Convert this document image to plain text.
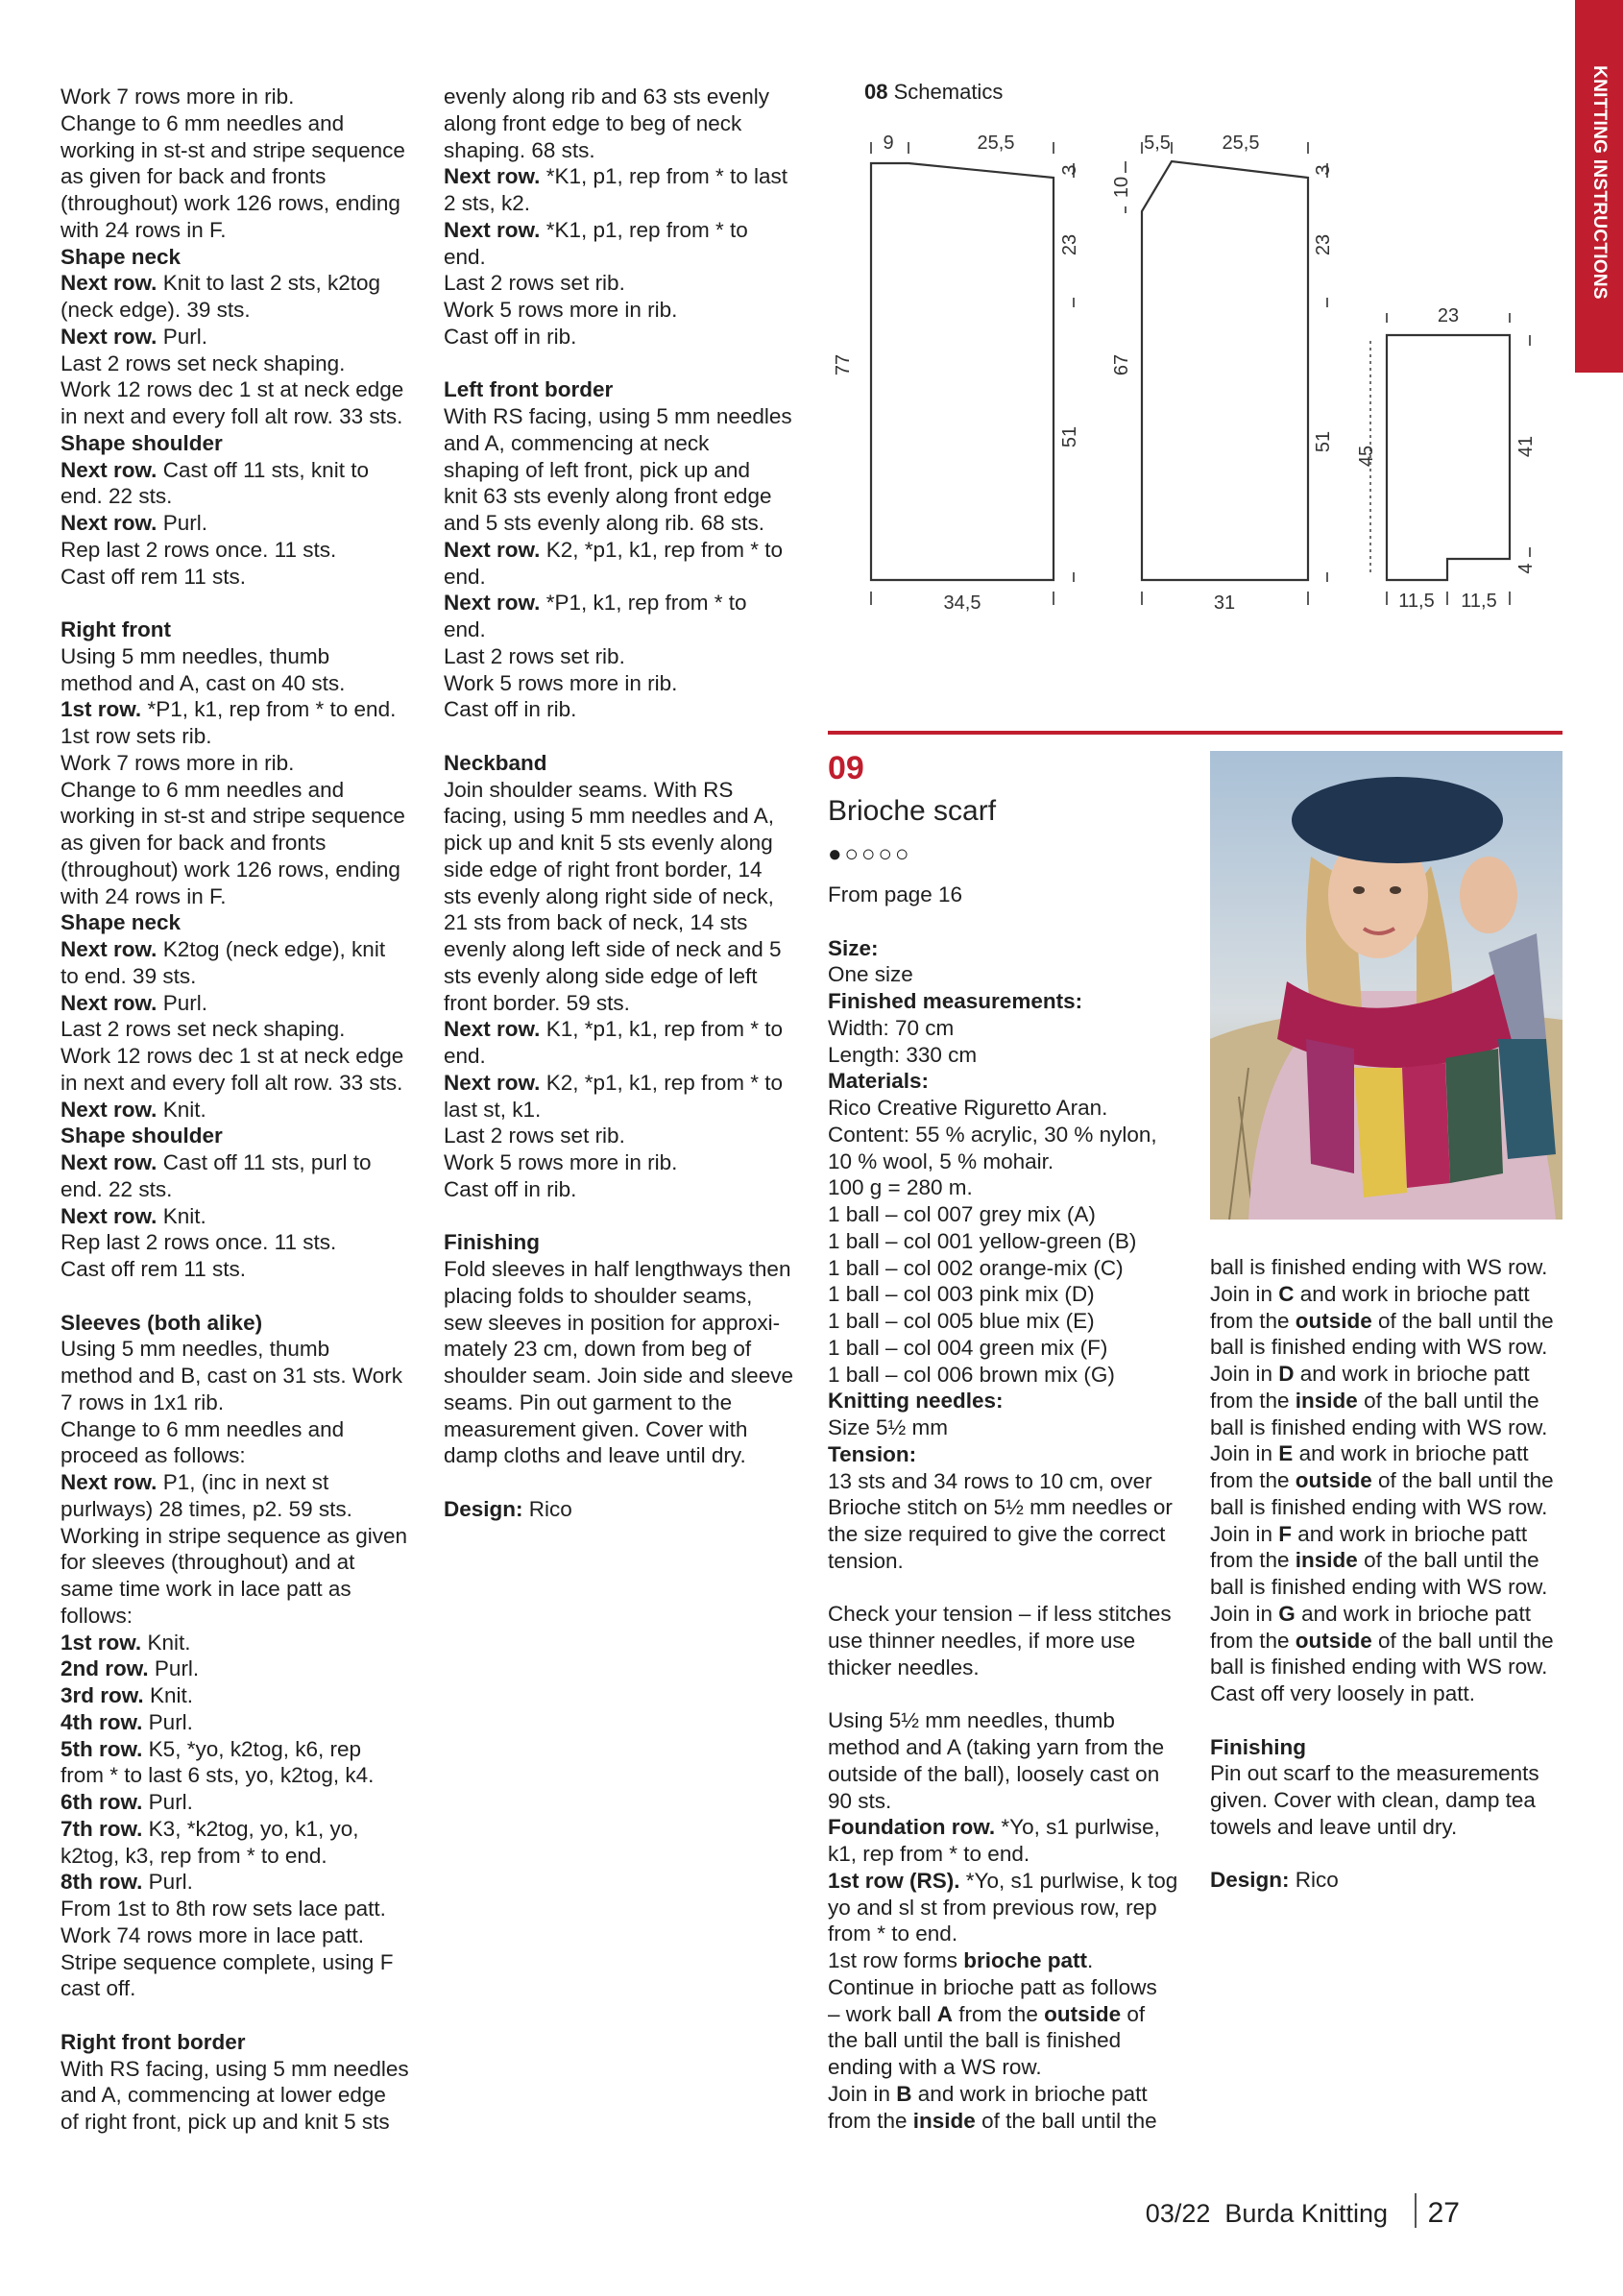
KNITTING INSTRUCTIONS
Work 7 rows more in rib.
Change to 6 mm needles and
working in st-st and stripe sequence
as given for back and fronts
(throughout) work 126 rows, ending
with 24 rows in F.
Shape neck
Next row. Knit to last 2 sts, k2tog
(neck edge). 39 sts.
Next row. Purl.
Last 2 rows set neck shaping.
Work 12 rows dec 1 st at neck edge
in next and every foll alt row. 33 sts.
Shape shoulder
Next row. Cast off 11 sts, knit to
end. 22 sts.
Next row. Purl.
Rep last 2 rows once. 11 sts.
Cast off rem 11 sts.
Right front
Using 5 mm needles, thumb
method and A, cast on 40 sts.
1st row. *P1, k1, rep from * to end.
1st row sets rib.
Work 7 rows more in rib.
Change to 6 mm needles and
working in st-st and stripe sequence
as given for back and fronts
(throughout) work 126 rows, ending
with 24 rows in F.
Shape neck
Next row. K2tog (neck edge), knit
to end. 39 sts.
Next row. Purl.
Last 2 rows set neck shaping.
Work 12 rows dec 1 st at neck edge
in next and every foll alt row. 33 sts.
Next row. Knit.
Shape shoulder
Next row. Cast off 11 sts, purl to
end. 22 sts.
Next row. Knit.
Rep last 2 rows once. 11 sts.
Cast off rem 11 sts.
Sleeves (both alike)
Using 5 mm needles, thumb
method and B, cast on 31 sts. Work
7 rows in 1x1 rib.
Change to 6 mm needles and
proceed as follows:
Next row. P1, (inc in next st
purlways) 28 times, p2. 59 sts.
Working in stripe sequence as given
for sleeves (throughout) and at
same time work in lace patt as
follows:
1st row. Knit.
2nd row. Purl.
3rd row. Knit.
4th row. Purl.
5th row. K5, *yo, k2tog, k6, rep
from * to last 6 sts, yo, k2tog, k4.
6th row. Purl.
7th row. K3, *k2tog, yo, k1, yo,
k2tog, k3, rep from * to end.
8th row. Purl.
From 1st to 8th row sets lace patt.
Work 74 rows more in lace patt.
Stripe sequence complete, using F
cast off.
Right front border
With RS facing, using 5 mm needles
and A, commencing at lower edge
of right front, pick up and knit 5 sts
evenly along rib and 63 sts evenly
along front edge to beg of neck
shaping. 68 sts.
Next row. *K1, p1, rep from * to last
2 sts, k2.
Next row. *K1, p1, rep from * to
end.
Last 2 rows set rib.
Work 5 rows more in rib.
Cast off in rib.
Left front border
With RS facing, using 5 mm needles
and A, commencing at neck
shaping of left front, pick up and
knit 63 sts evenly along front edge
and 5 sts evenly along rib. 68 sts.
Next row. K2, *p1, k1, rep from * to
end.
Next row. *P1, k1, rep from * to
end.
Last 2 rows set rib.
Work 5 rows more in rib.
Cast off in rib.
Neckband
Join shoulder seams. With RS
facing, using 5 mm needles and A,
pick up and knit 5 sts evenly along
side edge of right front border, 14
sts evenly along right side of neck,
21 sts from back of neck, 14 sts
evenly along left side of neck and 5
sts evenly along side edge of left
front border. 59 sts.
Next row. K1, *p1, k1, rep from * to
end.
Next row. K2, *p1, k1, rep from * to
last st, k1.
Last 2 rows set rib.
Work 5 rows more in rib.
Cast off in rib.
Finishing
Fold sleeves in half lengthways then
placing folds to shoulder seams,
sew sleeves in position for approxi-
mately 23 cm, down from beg of
shoulder seam. Join side and sleeve
seams. Pin out garment to the
measurement given. Cover with
damp cloths and leave until dry.
Design: Rico
08 Schematics
9	25,5
77
3
23
51
34,5
5,5	25,5
10
67
3
23
51
31
23
45	41
4
11,5 11,5
09
Brioche scarf
●○○○○
From page 16
Size:
One size
Finished measurements:
Width: 70 cm
Length: 330 cm
Materials:
Rico Creative Riguretto Aran.
Content: 55 % acrylic, 30 % nylon,
10 % wool, 5 % mohair.
100 g = 280 m.
1 ball – col 007 grey mix (A)
1 ball – col 001 yellow-green (B)
1 ball – col 002 orange-mix (C)
1 ball – col 003 pink mix (D)
1 ball – col 005 blue mix (E)
1 ball – col 004 green mix (F)
1 ball – col 006 brown mix (G)
Knitting needles:
Size 5½ mm
Tension:
13 sts and 34 rows to 10 cm, over
Brioche stitch on 5½ mm needles or
the size required to give the correct
tension.
Check your tension – if less stitches
use thinner needles, if more use
thicker needles.
Using 5½ mm needles, thumb
method and A (taking yarn from the
outside of the ball), loosely cast on
90 sts.
Foundation row. *Yo, s1 purlwise,
k1, rep from * to end.
1st row (RS). *Yo, s1 purlwise, k tog
yo and sl st from previous row, rep
from * to end.
1st row forms brioche patt.
Continue in brioche patt as follows
– work ball A from the outside of
the ball until the ball is finished
ending with a WS row.
Join in B and work in brioche patt
from the inside of the ball until the
ball is finished ending with WS row.
Join in C and work in brioche patt
from the outside of the ball until the
ball is finished ending with WS row.
Join in D and work in brioche patt
from the inside of the ball until the
ball is finished ending with WS row.
Join in E and work in brioche patt
from the outside of the ball until the
ball is finished ending with WS row.
Join in F and work in brioche patt
from the inside of the ball until the
ball is finished ending with WS row.
Join in G and work in brioche patt
from the outside of the ball until the
ball is finished ending with WS row.
Cast off very loosely in patt.
Finishing
Pin out scarf to the measurements
given. Cover with clean, damp tea
towels and leave until dry.
Design: Rico
03/22 Burda Knitting 27
